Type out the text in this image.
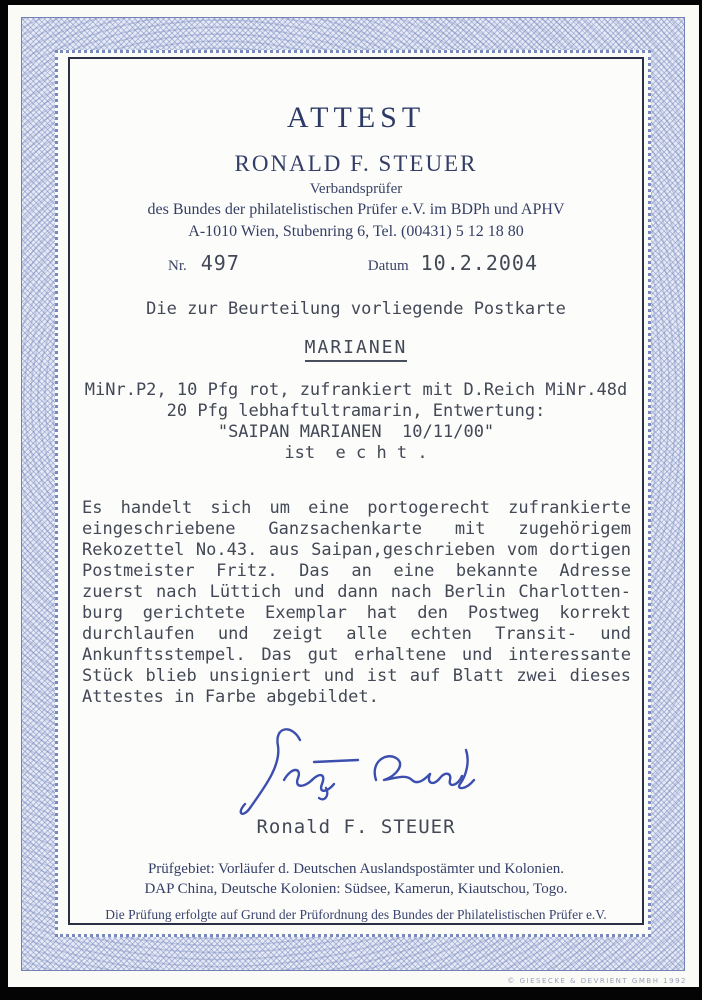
ATTEST
RONALD F. STEUER
Verbandsprüfer
des Bundes der philatelistischen Prüfer e.V. im BDPh und APHV
A-1010 Wien, Stubenring 6, Tel. (00431) 5 12 18 80
Nr. 497	Datum 10.2.2004
Die zur Beurteilung vorliegende Postkarte
MARIANEN
MiNr.P2, 10 Pfg rot, zufrankiert mit D.Reich MiNr.48d
20 Pfg lebhaftultramarin, Entwertung:
"SAIPAN MARIANEN  10/11/00"
ist  e c h t .
Es handelt sich um eine portogerecht zufrankierte
eingeschriebene Ganzsachenkarte mit zugehörigem
Rekozettel No.43. aus Saipan,geschrieben vom dortigen
Postmeister Fritz. Das an eine bekannte Adresse
zuerst nach Lüttich und dann nach Berlin Charlotten-
burg gerichtete Exemplar hat den Postweg korrekt
durchlaufen und zeigt alle echten Transit- und
Ankunftsstempel. Das gut erhaltene und interessante
Stück blieb unsigniert und ist auf Blatt zwei dieses
Attestes in Farbe abgebildet.
Ronald F. STEUER
Prüfgebiet: Vorläufer d. Deutschen Auslandspostämter und Kolonien.
DAP China, Deutsche Kolonien: Südsee, Kamerun, Kiautschou, Togo.
Die Prüfung erfolgte auf Grund der Prüfordnung des Bundes der Philatelistischen Prüfer e.V.
© GIESECKE & DEVRIENT GMBH 1992
